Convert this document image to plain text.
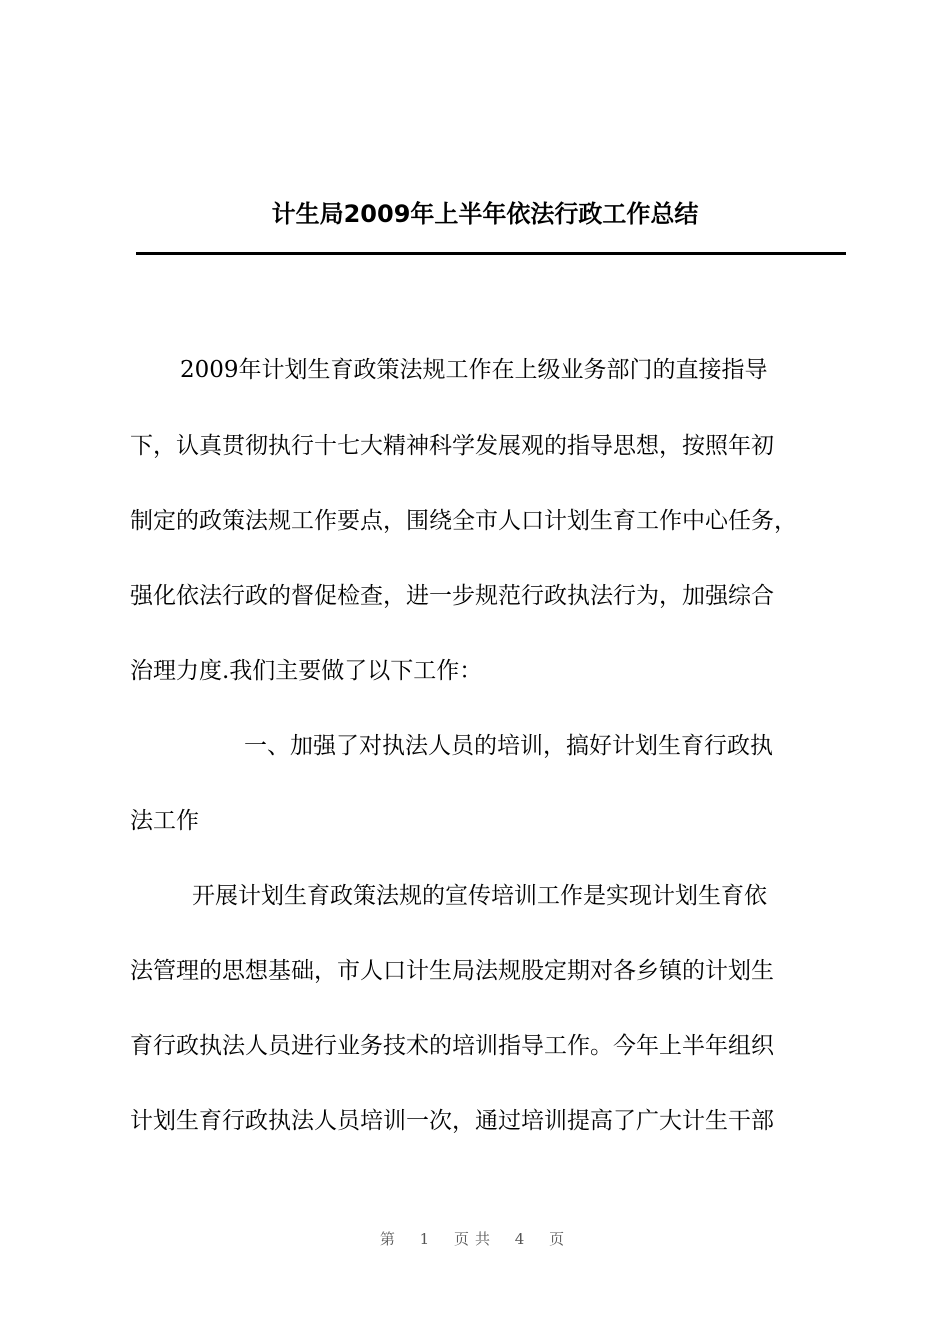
计生局2009年上半年依法行政工作总结
2009年计划生育政策法规工作在上级业务部门的直接指导
下，认真贯彻执行十七大精神科学发展观的指导思想，按照年初
制定的政策法规工作要点，围绕全市人口计划生育工作中心任务，
强化依法行政的督促检查，进一步规范行政执法行为，加强综合
治理力度.我们主要做了以下工作：
一、加强了对执法人员的培训，搞好计划生育行政执
法工作
开展计划生育政策法规的宣传培训工作是实现计划生育依
法管理的思想基础，市人口计生局法规股定期对各乡镇的计划生
育行政执法人员进行业务技术的培训指导工作。今年上半年组织
计划生育行政执法人员培训一次，通过培训提高了广大计生干部
第 1 页共 4 页
